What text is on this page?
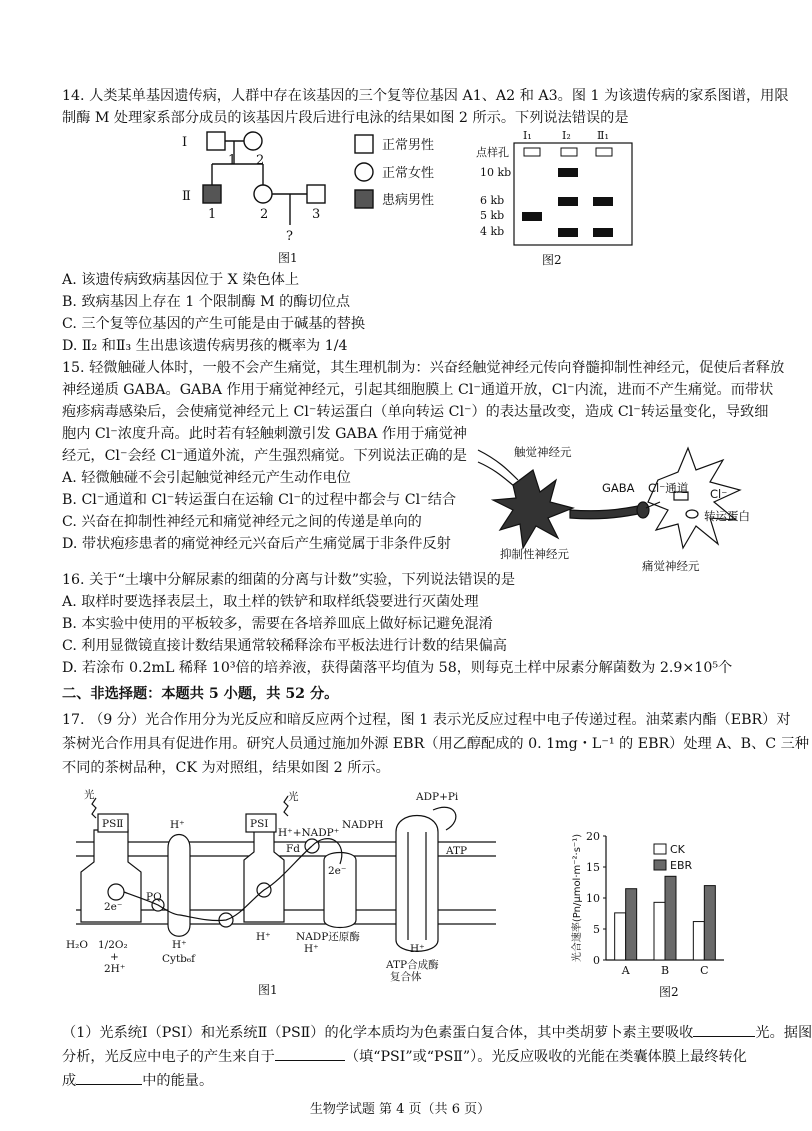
14. 人类某单基因遗传病，人群中存在该基因的三个复等位基因 A1、A2 和 A3。图 1 为该遗传病的家系图谱，用限
制酶 M 处理家系部分成员的该基因片段后进行电泳的结果如图 2 所示。下列说法错误的是
Ⅰ
Ⅱ
1 2
1	2	3
?
正常男性
正常女性
患病男性
图1
Ⅰ₁	Ⅰ₂ Ⅱ₁
点样孔
10 kb
6 kb
5 kb
4 kb
图2
A. 该遗传病致病基因位于 X 染色体上
B. 致病基因上存在 1 个限制酶 M 的酶切位点
C. 三个复等位基因的产生可能是由于碱基的替换
D. Ⅱ₂ 和Ⅱ₃ 生出患该遗传病男孩的概率为 1/4
15. 轻微触碰人体时，一般不会产生痛觉，其生理机制为：兴奋经触觉神经元传向脊髓抑制性神经元，促使后者释放
神经递质 GABA。GABA 作用于痛觉神经元，引起其细胞膜上 Cl⁻通道开放，Cl⁻内流，进而不产生痛觉。而带状
疱疹病毒感染后，会使痛觉神经元上 Cl⁻转运蛋白（单向转运 Cl⁻）的表达量改变，造成 Cl⁻转运量变化，导致细
胞内 Cl⁻浓度升高。此时若有轻触刺激引发 GABA 作用于痛觉神
经元，Cl⁻会经 Cl⁻通道外流，产生强烈痛觉。下列说法正确的是
A. 轻微触碰不会引起触觉神经元产生动作电位
B. Cl⁻通道和 Cl⁻转运蛋白在运输 Cl⁻的过程中都会与 Cl⁻结合
C. 兴奋在抑制性神经元和痛觉神经元之间的传递是单向的
D. 带状疱疹患者的痛觉神经元兴奋后产生痛觉属于非条件反射
触觉神经元
GABA Cl⁻通道 Cl⁻
转运蛋白
抑制性神经元
痛觉神经元
16. 关于“土壤中分解尿素的细菌的分离与计数”实验，下列说法错误的是
A. 取样时要选择表层土，取土样的铁铲和取样纸袋要进行灭菌处理
B. 本实验中使用的平板较多，需要在各培养皿底上做好标记避免混淆
C. 利用显微镜直接计数结果通常较稀释涂布平板法进行计数的结果偏高
D. 若涂布 0.2mL 稀释 10³倍的培养液，获得菌落平均值为 58，则每克土样中尿素分解菌数为 2.9×10⁵个
二、非选择题：本题共 5 小题，共 52 分。
17. （9 分）光合作用分为光反应和暗反应两个过程，图 1 表示光反应过程中电子传递过程。油菜素内酯（EBR）对
茶树光合作用具有促进作用。研究人员通过施加外源 EBR（用乙醇配成的 0. 1mg・L⁻¹ 的 EBR）处理 A、B、C 三种
不同的茶树品种，CK 为对照组，结果如图 2 所示。
光
PSⅡ	PSⅠ
光
H⁺
H⁺+NADP⁺
NADPH
Fd
2e⁻
2e⁻
PQ
H₂O 1/2O₂
+
2H⁺
H⁺
Cytb₆f
H⁺ NADP还原酶
H⁺	H⁺
ADP+Pi
ATP
ATP合成酶
复合体
图1
0
5
10
15
20
光合速率(Pn/μmol·m⁻²·s⁻¹)
A	B	C
CK
EBR
图2
（1）光系统Ⅰ（PSI）和光系统Ⅱ（PSⅡ）的化学本质均为色素蛋白复合体，其中类胡萝卜素主要吸收	光。据图
分析，光反应中电子的产生来自于	（填“PSI”或“PSⅡ”）。光反应吸收的光能在类囊体膜上最终转化
成	中的能量。
生物学试题 第 4 页（共 6 页）
